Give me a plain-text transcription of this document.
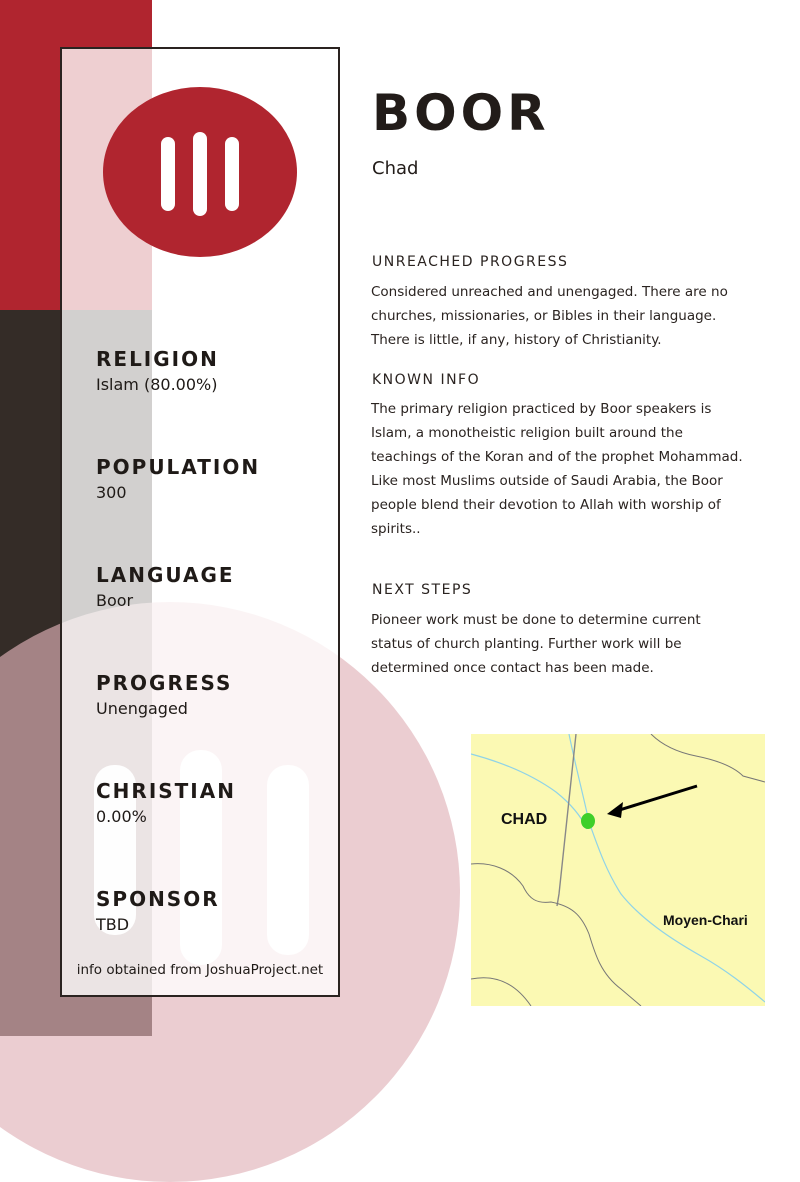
RELIGION
Islam (80.00%)
POPULATION
300
LANGUAGE
Boor
PROGRESS
Unengaged
CHRISTIAN
0.00%
SPONSOR
TBD
info obtained from JoshuaProject.net
BOOR
Chad
UNREACHED PROGRESS
Considered unreached and unengaged. There are no
churches, missionaries, or Bibles in their language.
There is little, if any, history of Christianity.
KNOWN INFO
The primary religion practiced by Boor speakers is
Islam, a monotheistic religion built around the
teachings of the Koran and of the prophet Mohammad.
Like most Muslims outside of Saudi Arabia, the Boor
people blend their devotion to Allah with worship of
spirits..
NEXT STEPS
Pioneer work must be done to determine current
status of church planting. Further work will be
determined once contact has been made.
CHAD
Moyen-Chari
